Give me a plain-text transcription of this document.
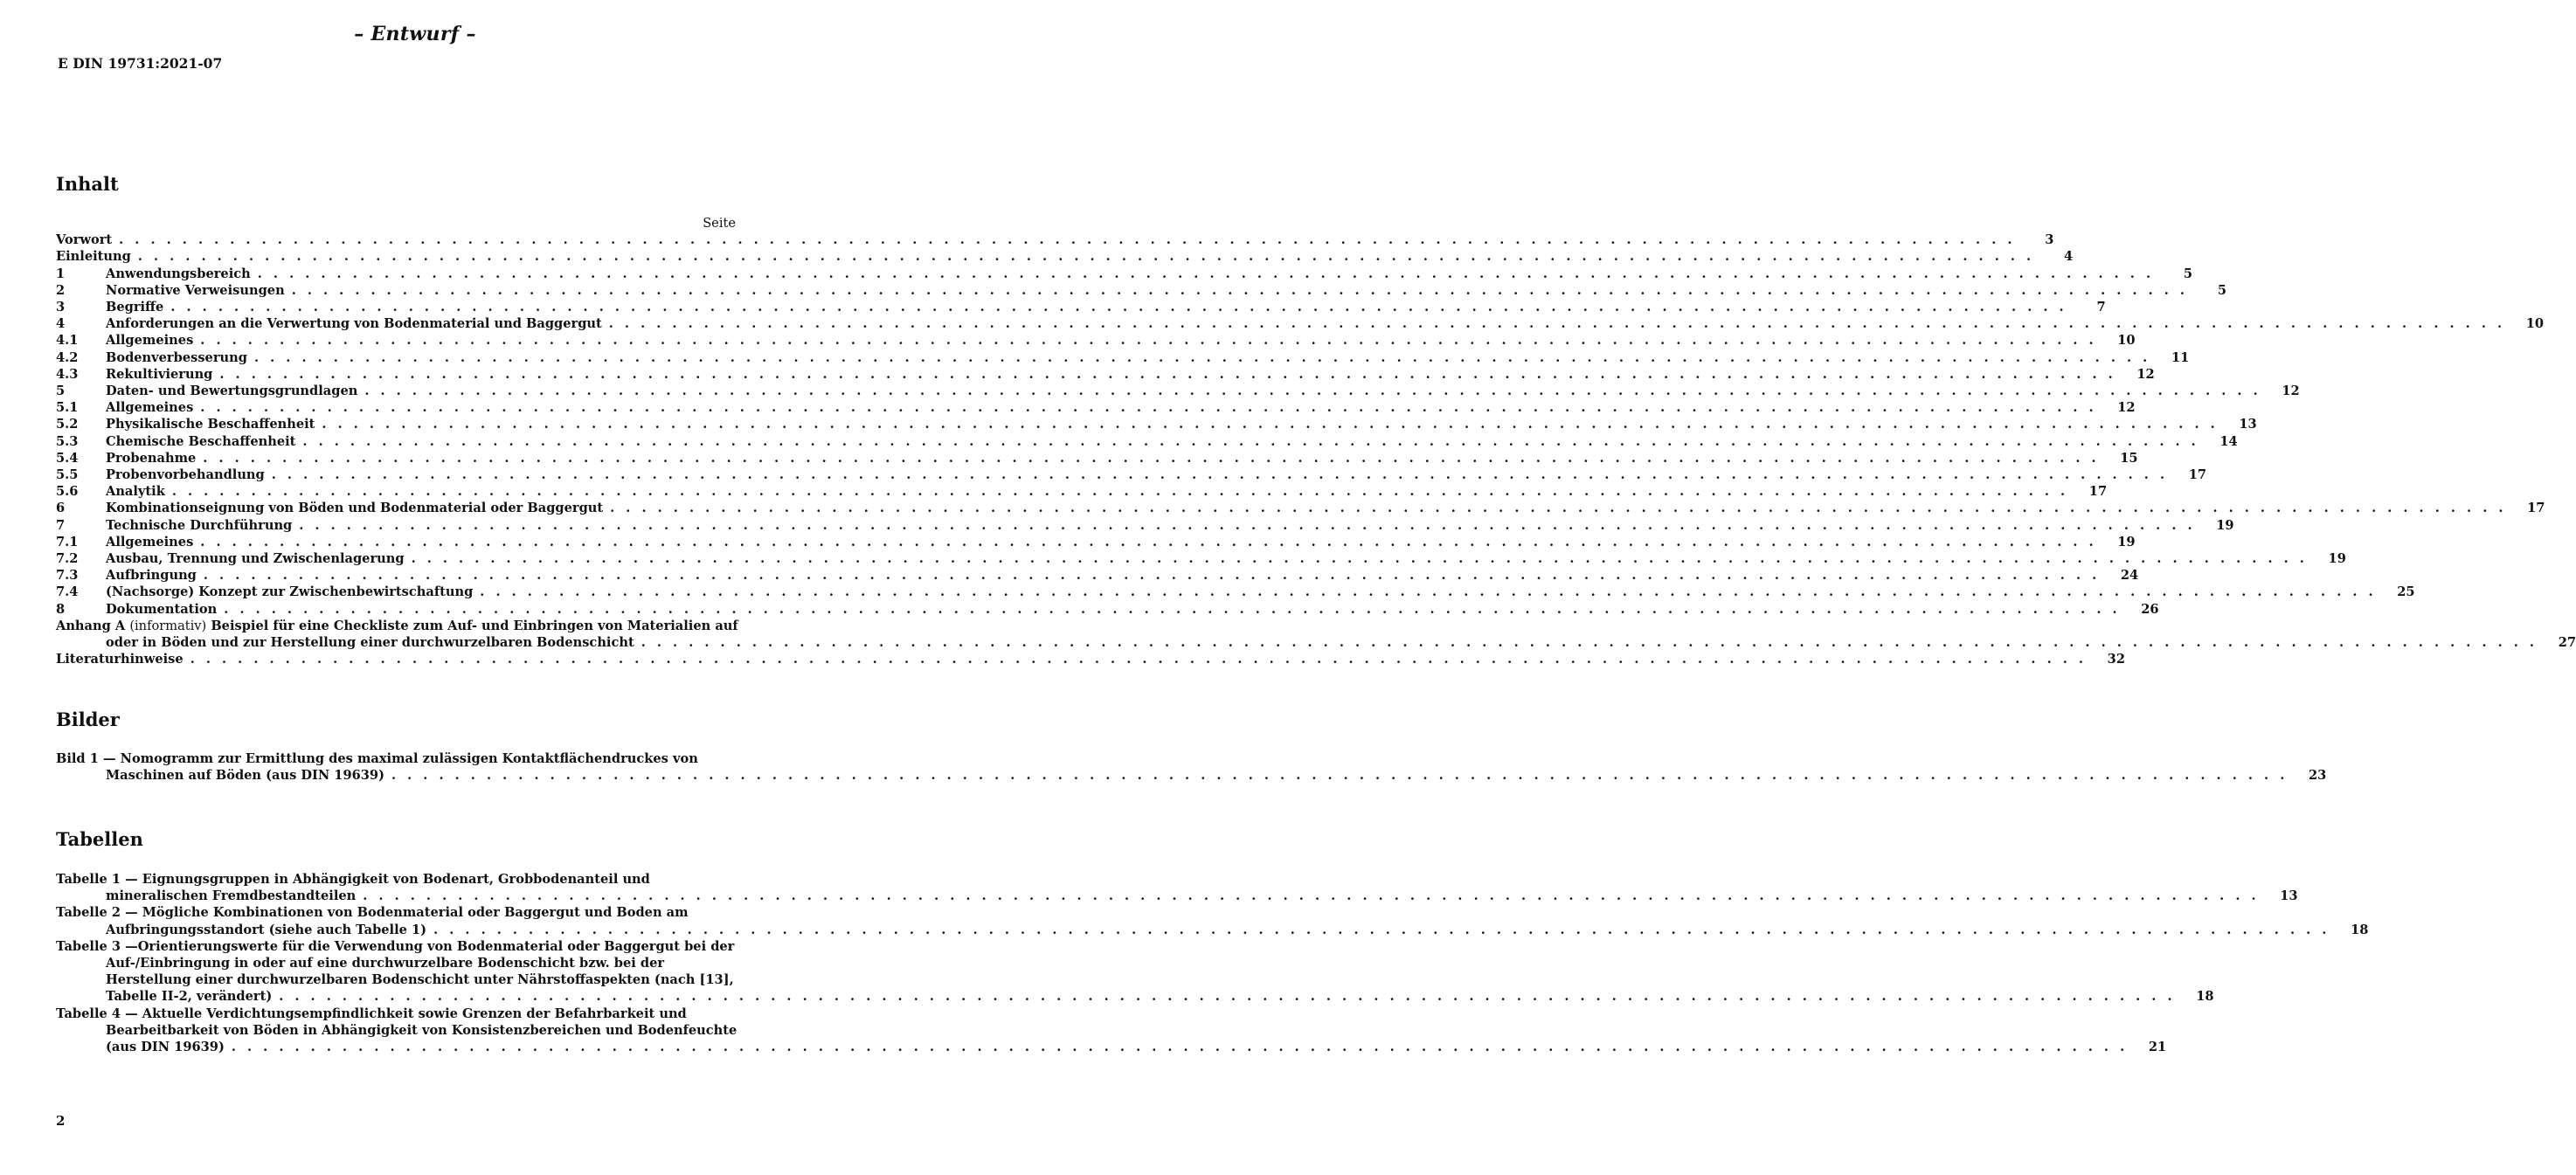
– Entwurf –
E DIN 19731:2021-07
Inhalt
Seite
Vorwort . . . . . . . . . . . . . . . . . . . . . . . . . . . . . . . . . . . . . . . . . . . . . . . . . . . . . . . . . . . . . . . . . . . . . . . . . . . . . . . . . . . . . . . . . . . . . . . . . . . . . . . . . . . . . . . . . . . . . . . .	3
Einleitung . . . . . . . . . . . . . . . . . . . . . . . . . . . . . . . . . . . . . . . . . . . . . . . . . . . . . . . . . . . . . . . . . . . . . . . . . . . . . . . . . . . . . . . . . . . . . . . . . . . . . . . . . . . . . . . . . . . . . . . .	4
1	Anwendungsbereich . . . . . . . . . . . . . . . . . . . . . . . . . . . . . . . . . . . . . . . . . . . . . . . . . . . . . . . . . . . . . . . . . . . . . . . . . . . . . . . . . . . . . . . . . . . . . . . . . . . . . . . . . . . . . . . . . . . . . . . .	5
2	Normative Verweisungen . . . . . . . . . . . . . . . . . . . . . . . . . . . . . . . . . . . . . . . . . . . . . . . . . . . . . . . . . . . . . . . . . . . . . . . . . . . . . . . . . . . . . . . . . . . . . . . . . . . . . . . . . . . . . . . . . . . . . . . .	5
3	Begriffe . . . . . . . . . . . . . . . . . . . . . . . . . . . . . . . . . . . . . . . . . . . . . . . . . . . . . . . . . . . . . . . . . . . . . . . . . . . . . . . . . . . . . . . . . . . . . . . . . . . . . . . . . . . . . . . . . . . . . . . .	7
4	Anforderungen an die Verwertung von Bodenmaterial und Baggergut . . . . . . . . . . . . . . . . . . . . . . . . . . . . . . . . . . . . . . . . . . . . . . . . . . . . . . . . . . . . . . . . . . . . . . . . . . . . . . . . . . . . . . . . . . . . . . . . . . . . . . . . . . . . . . . . . . . . . . . .	10
4.1	Allgemeines . . . . . . . . . . . . . . . . . . . . . . . . . . . . . . . . . . . . . . . . . . . . . . . . . . . . . . . . . . . . . . . . . . . . . . . . . . . . . . . . . . . . . . . . . . . . . . . . . . . . . . . . . . . . . . . . . . . . . . . .	10
4.2	Bodenverbesserung . . . . . . . . . . . . . . . . . . . . . . . . . . . . . . . . . . . . . . . . . . . . . . . . . . . . . . . . . . . . . . . . . . . . . . . . . . . . . . . . . . . . . . . . . . . . . . . . . . . . . . . . . . . . . . . . . . . . . . . .	11
4.3	Rekultivierung . . . . . . . . . . . . . . . . . . . . . . . . . . . . . . . . . . . . . . . . . . . . . . . . . . . . . . . . . . . . . . . . . . . . . . . . . . . . . . . . . . . . . . . . . . . . . . . . . . . . . . . . . . . . . . . . . . . . . . . .	12
5	Daten- und Bewertungsgrundlagen . . . . . . . . . . . . . . . . . . . . . . . . . . . . . . . . . . . . . . . . . . . . . . . . . . . . . . . . . . . . . . . . . . . . . . . . . . . . . . . . . . . . . . . . . . . . . . . . . . . . . . . . . . . . . . . . . . . . . . . .	12
5.1	Allgemeines . . . . . . . . . . . . . . . . . . . . . . . . . . . . . . . . . . . . . . . . . . . . . . . . . . . . . . . . . . . . . . . . . . . . . . . . . . . . . . . . . . . . . . . . . . . . . . . . . . . . . . . . . . . . . . . . . . . . . . . .	12
5.2	Physikalische Beschaffenheit . . . . . . . . . . . . . . . . . . . . . . . . . . . . . . . . . . . . . . . . . . . . . . . . . . . . . . . . . . . . . . . . . . . . . . . . . . . . . . . . . . . . . . . . . . . . . . . . . . . . . . . . . . . . . . . . . . . . . . . .	13
5.3	Chemische Beschaffenheit . . . . . . . . . . . . . . . . . . . . . . . . . . . . . . . . . . . . . . . . . . . . . . . . . . . . . . . . . . . . . . . . . . . . . . . . . . . . . . . . . . . . . . . . . . . . . . . . . . . . . . . . . . . . . . . . . . . . . . . .	14
5.4	Probenahme . . . . . . . . . . . . . . . . . . . . . . . . . . . . . . . . . . . . . . . . . . . . . . . . . . . . . . . . . . . . . . . . . . . . . . . . . . . . . . . . . . . . . . . . . . . . . . . . . . . . . . . . . . . . . . . . . . . . . . . .	15
5.5	Probenvorbehandlung . . . . . . . . . . . . . . . . . . . . . . . . . . . . . . . . . . . . . . . . . . . . . . . . . . . . . . . . . . . . . . . . . . . . . . . . . . . . . . . . . . . . . . . . . . . . . . . . . . . . . . . . . . . . . . . . . . . . . . . .	17
5.6	Analytik . . . . . . . . . . . . . . . . . . . . . . . . . . . . . . . . . . . . . . . . . . . . . . . . . . . . . . . . . . . . . . . . . . . . . . . . . . . . . . . . . . . . . . . . . . . . . . . . . . . . . . . . . . . . . . . . . . . . . . . .	17
6	Kombinationseignung von Böden und Bodenmaterial oder Baggergut . . . . . . . . . . . . . . . . . . . . . . . . . . . . . . . . . . . . . . . . . . . . . . . . . . . . . . . . . . . . . . . . . . . . . . . . . . . . . . . . . . . . . . . . . . . . . . . . . . . . . . . . . . . . . . . . . . . . . . . .	17
7	Technische Durchführung . . . . . . . . . . . . . . . . . . . . . . . . . . . . . . . . . . . . . . . . . . . . . . . . . . . . . . . . . . . . . . . . . . . . . . . . . . . . . . . . . . . . . . . . . . . . . . . . . . . . . . . . . . . . . . . . . . . . . . . .	19
7.1	Allgemeines . . . . . . . . . . . . . . . . . . . . . . . . . . . . . . . . . . . . . . . . . . . . . . . . . . . . . . . . . . . . . . . . . . . . . . . . . . . . . . . . . . . . . . . . . . . . . . . . . . . . . . . . . . . . . . . . . . . . . . . .	19
7.2	Ausbau, Trennung und Zwischenlagerung . . . . . . . . . . . . . . . . . . . . . . . . . . . . . . . . . . . . . . . . . . . . . . . . . . . . . . . . . . . . . . . . . . . . . . . . . . . . . . . . . . . . . . . . . . . . . . . . . . . . . . . . . . . . . . . . . . . . . . . .	19
7.3	Aufbringung . . . . . . . . . . . . . . . . . . . . . . . . . . . . . . . . . . . . . . . . . . . . . . . . . . . . . . . . . . . . . . . . . . . . . . . . . . . . . . . . . . . . . . . . . . . . . . . . . . . . . . . . . . . . . . . . . . . . . . . .	24
7.4	(Nachsorge) Konzept zur Zwischenbewirtschaftung . . . . . . . . . . . . . . . . . . . . . . . . . . . . . . . . . . . . . . . . . . . . . . . . . . . . . . . . . . . . . . . . . . . . . . . . . . . . . . . . . . . . . . . . . . . . . . . . . . . . . . . . . . . . . . . . . . . . . . . .	25
8	Dokumentation . . . . . . . . . . . . . . . . . . . . . . . . . . . . . . . . . . . . . . . . . . . . . . . . . . . . . . . . . . . . . . . . . . . . . . . . . . . . . . . . . . . . . . . . . . . . . . . . . . . . . . . . . . . . . . . . . . . . . . . .	26
Anhang A (informativ) Beispiel für eine Checkliste zum Auf- und Einbringen von Materialien auf
oder in Böden und zur Herstellung einer durchwurzelbaren Bodenschicht . . . . . . . . . . . . . . . . . . . . . . . . . . . . . . . . . . . . . . . . . . . . . . . . . . . . . . . . . . . . . . . . . . . . . . . . . . . . . . . . . . . . . . . . . . . . . . . . . . . . . . . . . . . . . . . . . . . . . . . .	27
Literaturhinweise . . . . . . . . . . . . . . . . . . . . . . . . . . . . . . . . . . . . . . . . . . . . . . . . . . . . . . . . . . . . . . . . . . . . . . . . . . . . . . . . . . . . . . . . . . . . . . . . . . . . . . . . . . . . . . . . . . . . . . . .	32
Bilder
Bild 1 — Nomogramm zur Ermittlung des maximal zulässigen Kontaktflächendruckes von
Maschinen auf Böden (aus DIN 19639) . . . . . . . . . . . . . . . . . . . . . . . . . . . . . . . . . . . . . . . . . . . . . . . . . . . . . . . . . . . . . . . . . . . . . . . . . . . . . . . . . . . . . . . . . . . . . . . . . . . . . . . . . . . . . . . . . . . . . . . .	23
Tabellen
Tabelle 1 — Eignungsgruppen in Abhängigkeit von Bodenart, Grobbodenanteil und
mineralischen Fremdbestandteilen . . . . . . . . . . . . . . . . . . . . . . . . . . . . . . . . . . . . . . . . . . . . . . . . . . . . . . . . . . . . . . . . . . . . . . . . . . . . . . . . . . . . . . . . . . . . . . . . . . . . . . . . . . . . . . . . . . . . . . . .	13
Tabelle 2 — Mögliche Kombinationen von Bodenmaterial oder Baggergut und Boden am
Aufbringungsstandort (siehe auch Tabelle 1) . . . . . . . . . . . . . . . . . . . . . . . . . . . . . . . . . . . . . . . . . . . . . . . . . . . . . . . . . . . . . . . . . . . . . . . . . . . . . . . . . . . . . . . . . . . . . . . . . . . . . . . . . . . . . . . . . . . . . . . .	18
Tabelle 3 —Orientierungswerte für die Verwendung von Bodenmaterial oder Baggergut bei der
Auf-/Einbringung in oder auf eine durchwurzelbare Bodenschicht bzw. bei der
Herstellung einer durchwurzelbaren Bodenschicht unter Nährstoffaspekten (nach [13],
Tabelle II-2, verändert) . . . . . . . . . . . . . . . . . . . . . . . . . . . . . . . . . . . . . . . . . . . . . . . . . . . . . . . . . . . . . . . . . . . . . . . . . . . . . . . . . . . . . . . . . . . . . . . . . . . . . . . . . . . . . . . . . . . . . . . .	18
Tabelle 4 — Aktuelle Verdichtungsempfindlichkeit sowie Grenzen der Befahrbarkeit und
Bearbeitbarkeit von Böden in Abhängigkeit von Konsistenzbereichen und Bodenfeuchte
(aus DIN 19639) . . . . . . . . . . . . . . . . . . . . . . . . . . . . . . . . . . . . . . . . . . . . . . . . . . . . . . . . . . . . . . . . . . . . . . . . . . . . . . . . . . . . . . . . . . . . . . . . . . . . . . . . . . . . . . . . . . . . . . . .	21
2
